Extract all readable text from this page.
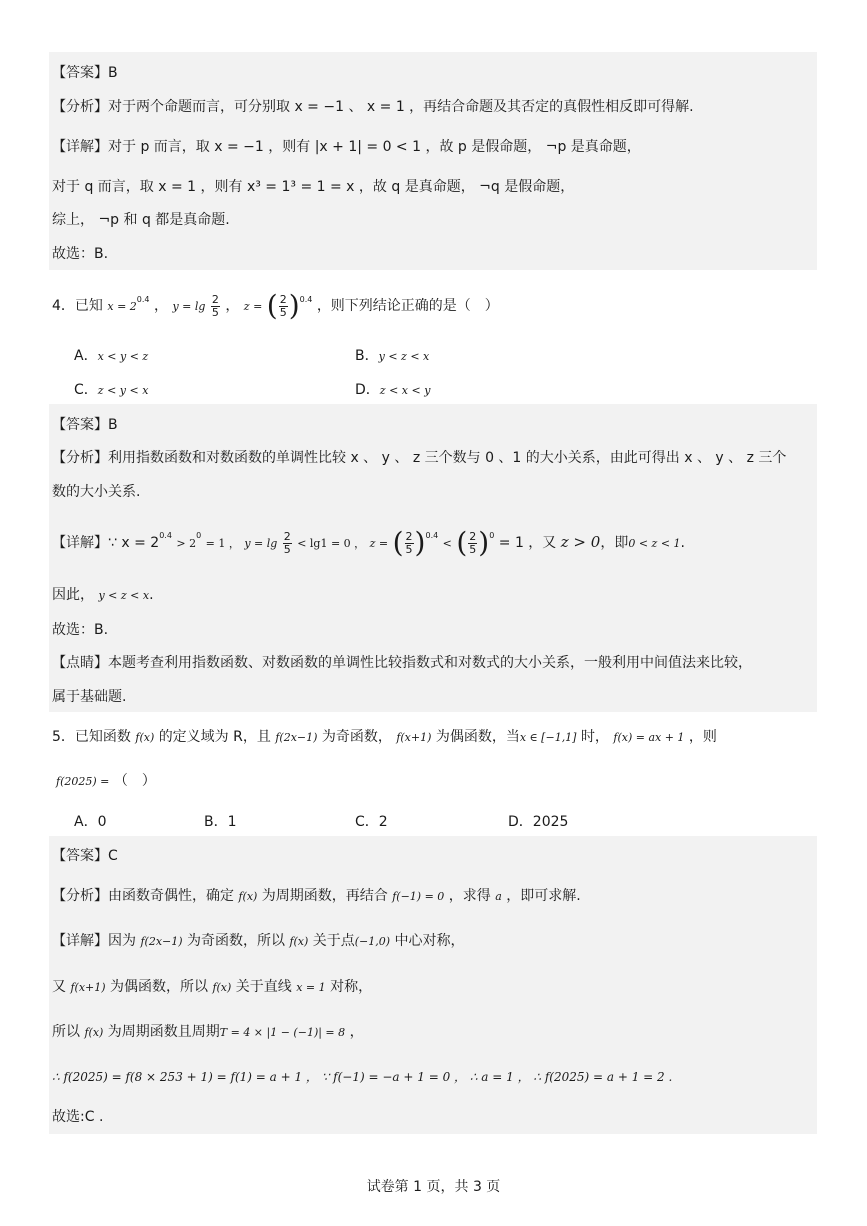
【答案】B
【分析】对于两个命题而言，可分别取 x = −1 、 x = 1 ，再结合命题及其否定的真假性相反即可得解.
【详解】对于 p 而言，取 x = −1 ，则有 |x + 1| = 0 < 1 ，故 p 是假命题， ¬p 是真命题，
对于 q 而言，取 x = 1 ，则有 x³ = 1³ = 1 = x ，故 q 是真命题， ¬q 是假命题，
综上， ¬p 和 q 都是真命题.
故选：B.
4．已知 $x = 2^{0.4}$ ， $y = \lg \frac{2}{5}$ ， z = ( $\frac{2}{5} )^{0.4}$ ，则下列结论正确的是（　）
A．x < y < z	B．y < z < x
C．z < y < x	D．z < x < y
【答案】B
【分析】利用指数函数和对数函数的单调性比较 x 、 y 、 z 三个数与 0 、1 的大小关系，由此可得出 x 、 y 、 z 三个
数的大小关系.
【详解】∵ $x = 2^{0.4} > 2^0 = 1$ ， $y = \lg \frac{2}{5} < \lg 1 = 0$ ， z = ( $\frac{2}{5} )^{0.4}$ < ( $\frac{2}{5} )^0 = 1$ ，又 z > 0，即0 < z < 1.
因此， y < z < x.
故选：B.
【点睛】本题考查利用指数函数、对数函数的单调性比较指数式和对数式的大小关系，一般利用中间值法来比较，
属于基础题.
5．已知函数 f(x) 的定义域为 R，且 f(2x−1) 为奇函数， f(x+1) 为偶函数，当x ∈ [−1,1] 时， f(x) = ax + 1 ，则
f(2025) = （　）
A．0	B．1	C．2	D．2025
【答案】C
【分析】由函数奇偶性，确定 f(x) 为周期函数，再结合 f(−1) = 0 ，求得 a ，即可求解.
【详解】因为 f(2x−1) 为奇函数，所以 f(x) 关于点(−1,0) 中心对称，
又 f(x+1) 为偶函数，所以 f(x) 关于直线 x = 1 对称，
所以 f(x) 为周期函数且周期T = 4 × |1 − (−1)| = 8 ，
∴ f(2025) = f(8 × 253 + 1) = f(1) = a + 1 ， ∵ f(−1) = −a + 1 = 0 ， ∴ a = 1 ， ∴ f(2025) = a + 1 = 2 .
故选:C .
试卷第 1 页，共 3 页
